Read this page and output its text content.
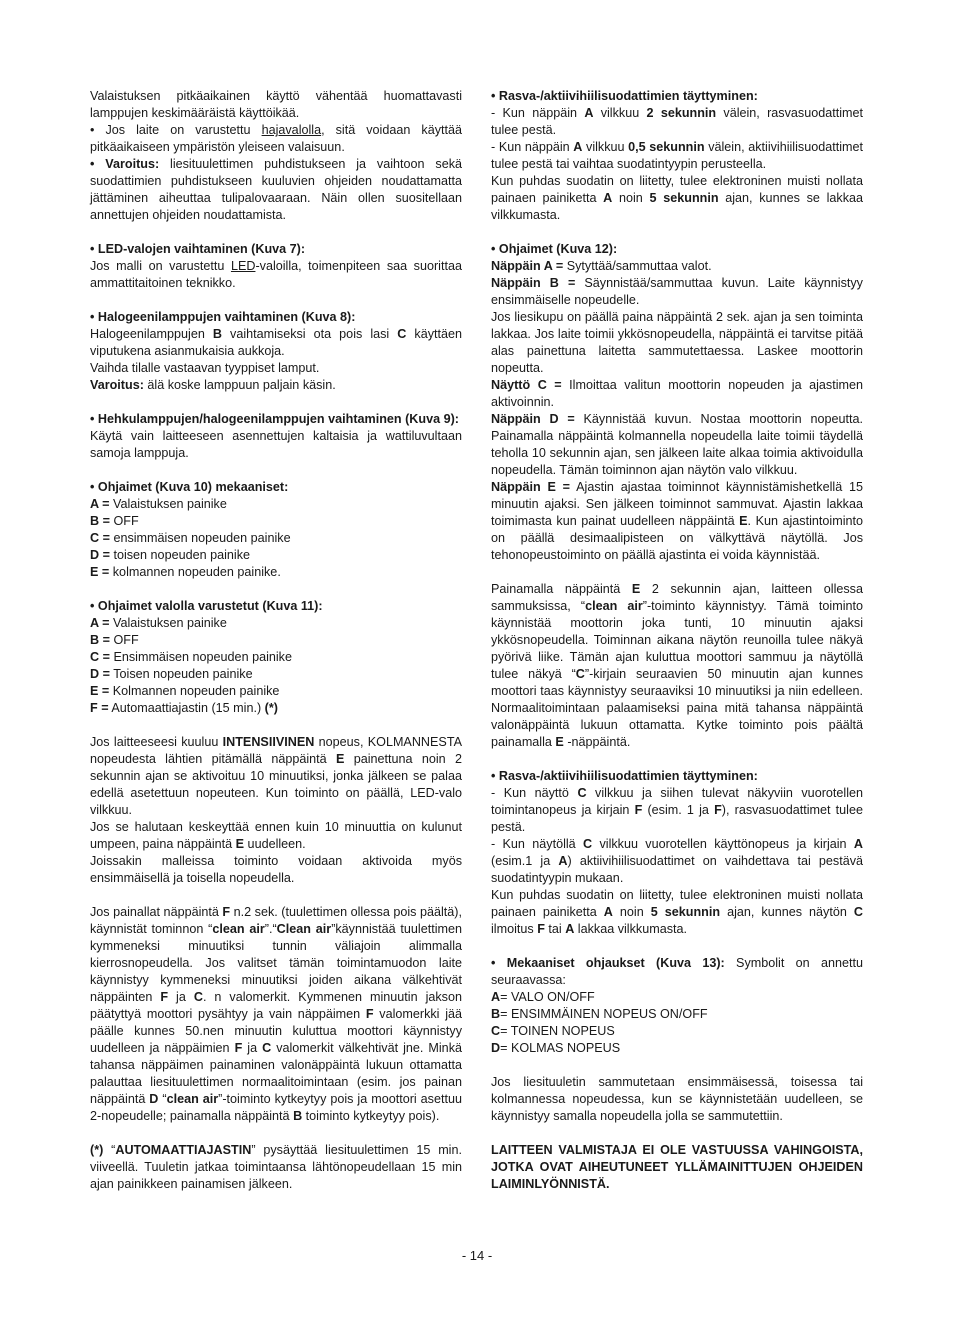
Valaistuksen pitkäaikainen käyttö vähentää huomattavasti lamppujen keskimääräistä käyttöikää.

• Jos laite on varustettu hajavalolla, sitä voidaan käyttää pitkäaikaiseen ympäristön yleiseen valaisuun.

• Varoitus: liesituulettimen puhdistukseen ja vaihtoon sekä suodattimien puhdistukseen kuuluvien ohjeiden noudattamatta jättäminen aiheuttaa tulipalovaaraan. Näin ollen suositellaan annettujen ohjeiden noudattamista.

• LED-valojen vaihtaminen (Kuva 7):

Jos malli on varustettu LED-valoilla, toimenpiteen saa suorittaa ammattitaitoinen teknikko.

• Halogeenilamppujen vaihtaminen (Kuva 8):

Halogeenilamppujen B vaihtamiseksi ota pois lasi C käyttäen viputukena asianmukaisia aukkoja.

Vaihda tilalle vastaavan tyyppiset lamput.

Varoitus: älä koske lamppuun paljain käsin.

• Hehkulamppujen/halogeenilamppujen vaihtaminen (Kuva 9):

Käytä vain laitteeseen asennettujen kaltaisia ja wattiluvultaan samoja lamppuja.

• Ohjaimet (Kuva 10) mekaaniset:

A = Valaistuksen painike

B = OFF

C = ensimmäisen nopeuden painike

D = toisen nopeuden painike

E = kolmannen nopeuden painike.

• Ohjaimet valolla varustetut (Kuva 11):

A = Valaistuksen painike

B = OFF

C = Ensimmäisen nopeuden painike

D = Toisen nopeuden painike

E = Kolmannen nopeuden painike

F = Automaattiajastin (15 min.) (*)

Jos laitteeseesi kuuluu INTENSIIVINEN nopeus, KOLMANNESTA nopeudesta lähtien pitämällä näppäintä E painettuna noin 2 sekunnin ajan se aktivoituu 10 minuutiksi, jonka jälkeen se palaa edellä asetettuun nopeuteen. Kun toiminto on päällä, LED-valo vilkkuu.

Jos se halutaan keskeyttää ennen kuin 10 minuuttia on kulunut umpeen, paina näppäintä E uudelleen.

Joissakin malleissa toiminto voidaan aktivoida myös ensimmäisellä ja toisella nopeudella.

Jos painallat näppäintä F n.2 sek. (tuulettimen ollessa pois päältä), käynnistät tominnon “clean air”.“Clean air”käynnistää tuulettimen kymmeneksi minuutiksi tunnin väliajoin alimmalla kierrosnopeudella. Jos valitset tämän toimintamuodon laite käynnistyy kymmeneksi minuutiksi joiden aikana välkehtivät näppäinten F ja C. n valomerkit. Kymmenen minuutin jakson päätyttyä moottori pysähtyy ja vain näppäimen F valomerkki jää päälle kunnes 50.nen minuutin kuluttua moottori käynnistyy uudelleen ja näppäimien F ja C valomerkit välkehtivät jne. Minkä tahansa näppäimen painaminen valonäppäintä lukuun ottamatta palauttaa liesituulettimen normaalitoimintaan (esim. jos painan näppäintä D “clean air”-toiminto kytkeytyy pois ja moottori asettuu 2-nopeudelle; painamalla näppäintä B toiminto kytkeytyy pois).

(*) “AUTOMAATTIAJASTIN” pysäyttää liesituulettimen 15 min. viiveellä. Tuuletin jatkaa toimintaansa lähtönopeudellaan 15 min ajan painikkeen painamisen jälkeen.

• Rasva-/aktiivihiilisuodattimien täyttyminen:

- Kun näppäin A vilkkuu 2 sekunnin välein, rasvasuodattimet tulee pestä.

- Kun näppäin A vilkkuu 0,5 sekunnin välein, aktiivihiilisuodattimet tulee pestä tai vaihtaa suodatintyypin perusteella.

Kun puhdas suodatin on liitetty, tulee elektroninen muisti nollata painaen painiketta A noin 5 sekunnin ajan, kunnes se lakkaa vilkkumasta.

• Ohjaimet (Kuva 12):

Näppäin A = Sytyttää/sammuttaa valot.

Näppäin B = Säynnistää/sammuttaa kuvun. Laite käynnistyy ensimmäiselle nopeudelle.

Jos liesikupu on päällä paina näppäintä 2 sek. ajan ja sen toiminta lakkaa. Jos laite toimii ykkösnopeudella, näppäintä ei tarvitse pitää alas painettuna laitetta sammutettaessa. Laskee moottorin nopeutta.

Näyttö C = Ilmoittaa valitun moottorin nopeuden ja ajastimen aktivoinnin.

Näppäin D = Käynnistää kuvun. Nostaa moottorin nopeutta. Painamalla näppäintä kolmannella nopeudella laite toimii täydellä teholla 10 sekunnin ajan, sen jälkeen laite alkaa toimia aktivoidulla nopeudella. Tämän toiminnon ajan näytön valo vilkkuu.

Näppäin E = Ajastin ajastaa toiminnot käynnistämishetkellä 15 minuutin ajaksi. Sen jälkeen toiminnot sammuvat. Ajastin lakkaa toimimasta kun painat uudelleen näppäintä E. Kun ajastintoiminto on päällä desimaalipisteen on välkyttävä näytöllä. Jos tehonopeustoiminto on päällä ajastinta ei voida käynnistää.

Painamalla näppäintä E 2 sekunnin ajan, laitteen ollessa sammuksissa, “clean air”-toiminto käynnistyy. Tämä toiminto käynnistää moottorin joka tunti, 10 minuutin ajaksi ykkösnopeudella. Toiminnan aikana näytön reunoilla tulee näkyä pyörivä liike. Tämän ajan kuluttua moottori sammuu ja näytöllä tulee näkyä “C”-kirjain seuraavien 50 minuutin ajan kunnes moottori taas käynnistyy seuraaviksi 10 minuutiksi ja niin edelleen. Normaalitoimintaan palaamiseksi paina mitä tahansa näppäintä valonäppäintä lukuun ottamatta. Kytke toiminto pois päältä painamalla E -näppäintä.

• Rasva-/aktiivihiilisuodattimien täyttyminen:

- Kun näyttö C vilkkuu ja siihen tulevat näkyviin vuorotellen toimintanopeus ja kirjain F (esim. 1 ja F), rasvasuodattimet tulee pestä.

- Kun näytöllä C vilkkuu vuorotellen käyttönopeus ja kirjain A (esim.1 ja A) aktiivihiilisuodattimet on vaihdettava tai pestävä suodatintyypin mukaan.

Kun puhdas suodatin on liitetty, tulee elektroninen muisti nollata painaen painiketta A noin 5 sekunnin ajan, kunnes näytön C ilmoitus F tai A lakkaa vilkkumasta.

• Mekaaniset ohjaukset (Kuva 13): Symbolit on annettu seuraavassa:

A= VALO ON/OFF

B= ENSIMMÄINEN NOPEUS ON/OFF

C= TOINEN NOPEUS

D= KOLMAS NOPEUS

Jos liesituuletin sammutetaan ensimmäisessä, toisessa tai kolmannessa nopeudessa, kun se käynnistetään uudelleen, se käynnistyy samalla nopeudella jolla se sammutettiin.

LAITTEEN VALMISTAJA EI OLE VASTUUSSA VAHINGOISTA, JOTKA OVAT AIHEUTUNEET YLLÄMAINITTUJEN OHJEIDEN LAIMINLYÖNNISTÄ.

- 14 -
